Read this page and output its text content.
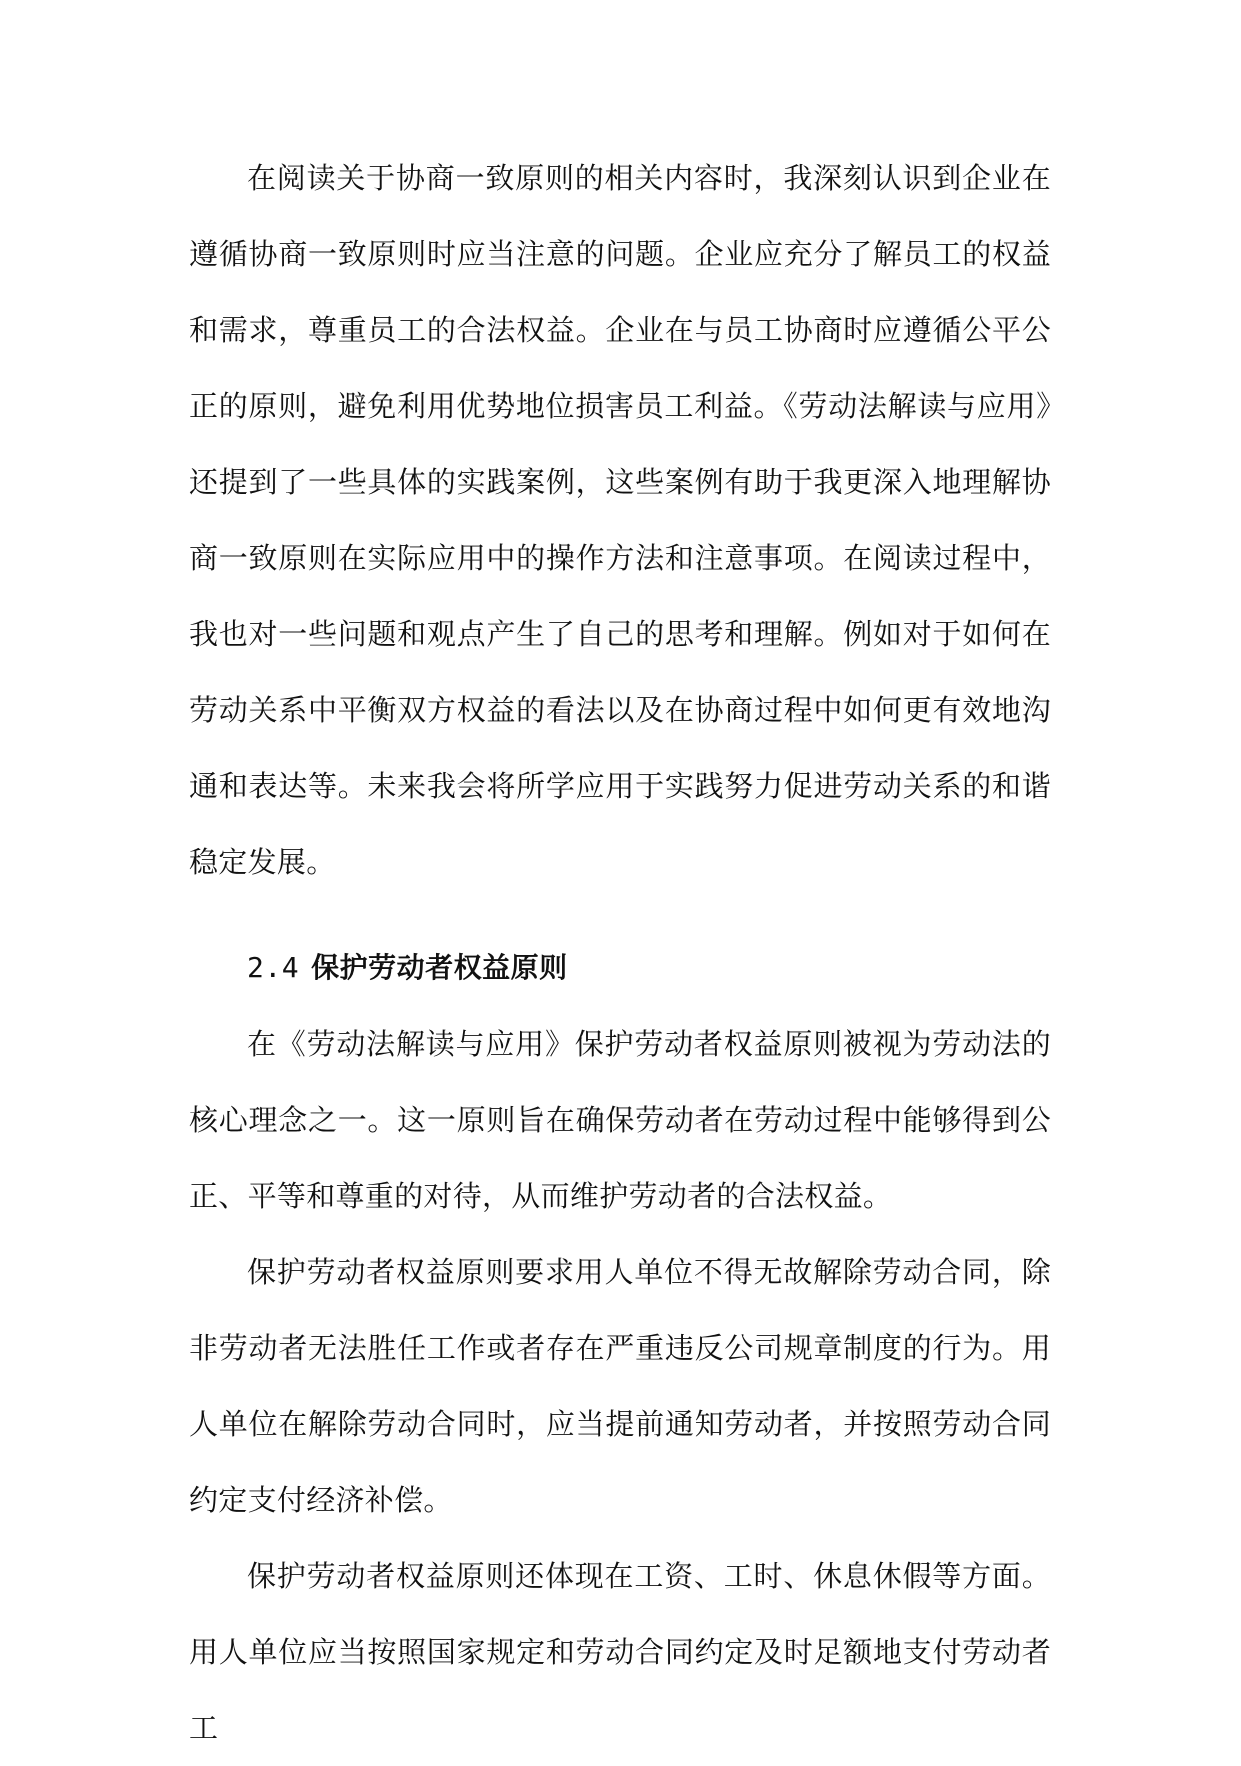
在阅读关于协商一致原则的相关内容时，我深刻认识到企业在遵循协商一致原则时应当注意的问题。企业应充分了解员工的权益和需求，尊重员工的合法权益。企业在与员工协商时应遵循公平公正的原则，避免利用优势地位损害员工利益。《劳动法解读与应用》还提到了一些具体的实践案例，这些案例有助于我更深入地理解协商一致原则在实际应用中的操作方法和注意事项。在阅读过程中，我也对一些问题和观点产生了自己的思考和理解。例如对于如何在劳动关系中平衡双方权益的看法以及在协商过程中如何更有效地沟通和表达等。未来我会将所学应用于实践努力促进劳动关系的和谐稳定发展。

2.4 保护劳动者权益原则

在《劳动法解读与应用》保护劳动者权益原则被视为劳动法的核心理念之一。这一原则旨在确保劳动者在劳动过程中能够得到公正、平等和尊重的对待，从而维护劳动者的合法权益。

保护劳动者权益原则要求用人单位不得无故解除劳动合同，除非劳动者无法胜任工作或者存在严重违反公司规章制度的行为。用人单位在解除劳动合同时，应当提前通知劳动者，并按照劳动合同约定支付经济补偿。

保护劳动者权益原则还体现在工资、工时、休息休假等方面。用人单位应当按照国家规定和劳动合同约定及时足额地支付劳动者工
